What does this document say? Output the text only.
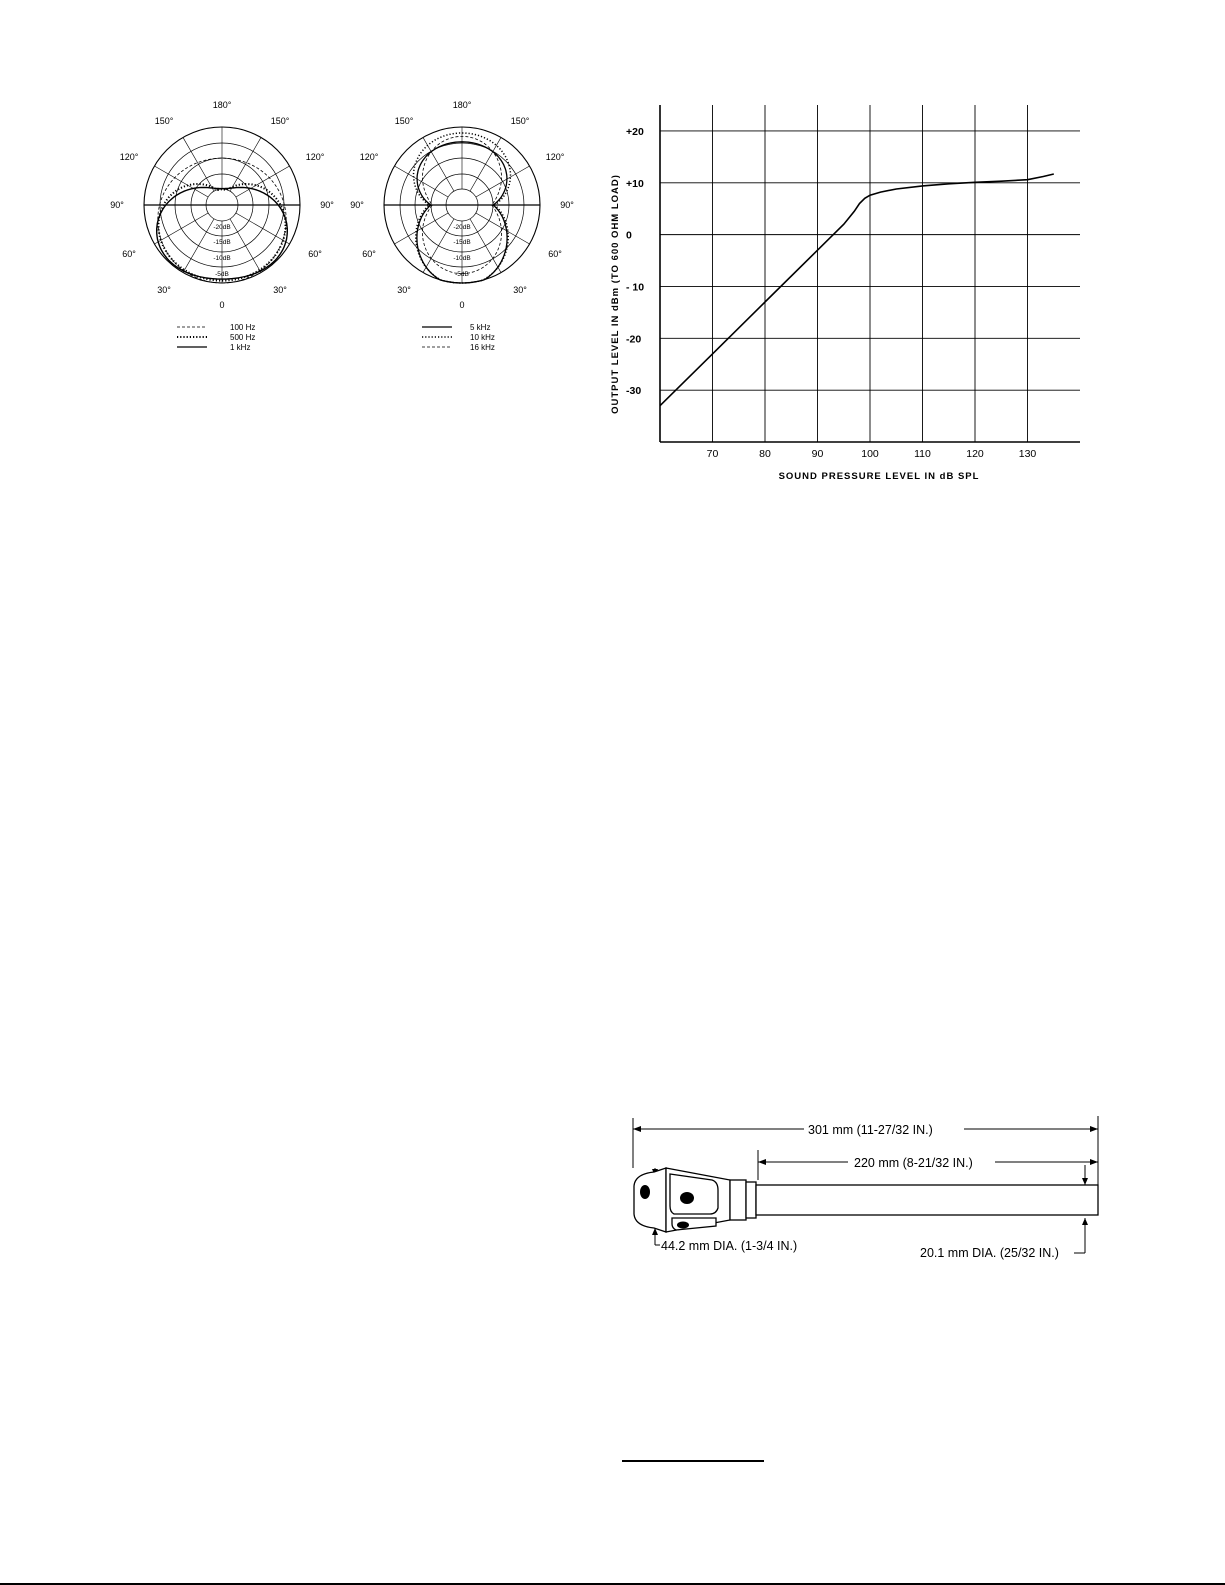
180°
150°	150°
120°	120°
90°	90°
60°	60°
30°	30°
0
-20dB
-15dB
-10dB
-5dB
100 Hz
500 Hz
1 kHz
180°
150°	150°
120°	120°
90°	90°
60°	60°
30°	30°
0
-20dB
-15dB
-10dB
-5dB
5 kHz
10 kHz
16 kHz
+20
+10
0
- 10
-20
-30
70	80	90	100	110	120	130
OUTPUT LEVEL IN dBm (TO 600 OHM LOAD)
SOUND PRESSURE LEVEL IN dB SPL
301 mm (11-27/32 IN.)
220 mm (8-21/32 IN.)
44.2 mm DIA. (1-3/4 IN.)	20.1 mm DIA. (25/32 IN.)
